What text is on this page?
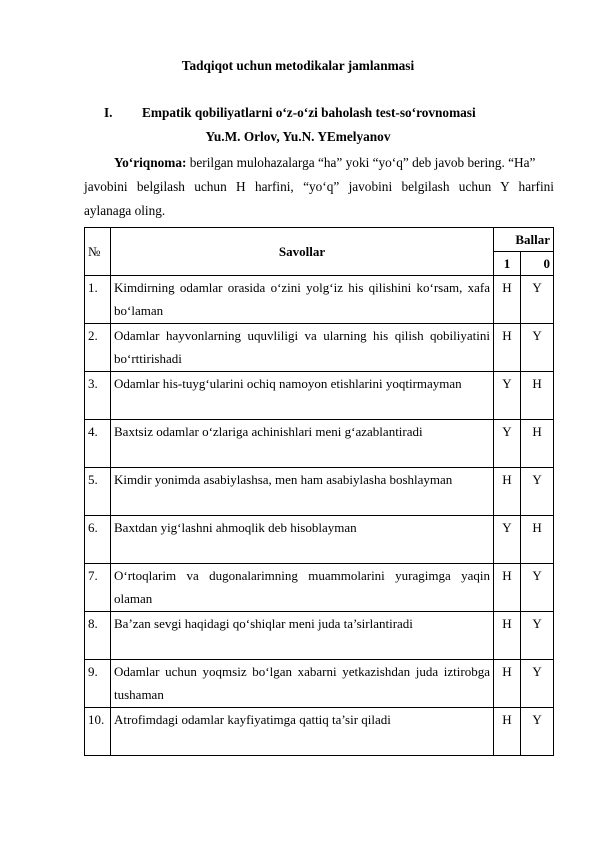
Tadqiqot uchun metodikalar jamlanmasi
I. Empatik qobiliyatlarni o‘z-o‘zi baholash test-so‘rovnomasi
Yu.M. Orlov, Yu.N. YEmelyanov
Yo‘riqnoma: berilgan mulohazalarga “ha” yoki “yo‘q” deb javob bering. “Ha”
javobini belgilash uchun H harfini, “yo‘q” javobini belgilash uchun Y harfini
aylanaga oling.
№	Savollar	Ballar	
		1	0
1.	Kimdirning odamlar orasida o‘zini yolg‘iz his qilishini ko‘rsam, xafa bo‘laman	H	Y
2.	Odamlar hayvonlarning uquvliligi va ularning his qilish qobiliyatini bo‘rttirishadi	H	Y
3.	Odamlar his-tuyg‘ularini ochiq namoyon etishlarini yoqtirmayman	Y	H
4.	Baxtsiz odamlar o‘zlariga achinishlari meni g‘azablantiradi	Y	H
5.	Kimdir yonimda asabiylashsa, men ham asabiylasha boshlayman	H	Y
6.	Baxtdan yig‘lashni ahmoqlik deb hisoblayman	Y	H
7.	O‘rtoqlarim va dugonalarimning muammolarini yuragimga yaqin olaman	H	Y
8.	Ba’zan sevgi haqidagi qo‘shiqlar meni juda ta’sirlantiradi	H	Y
9.	Odamlar uchun yoqmsiz bo‘lgan xabarni yetkazishdan juda iztirobga tushaman	H	Y
10.	Atrofimdagi odamlar kayfiyatimga qattiq ta’sir qiladi	H	Y
